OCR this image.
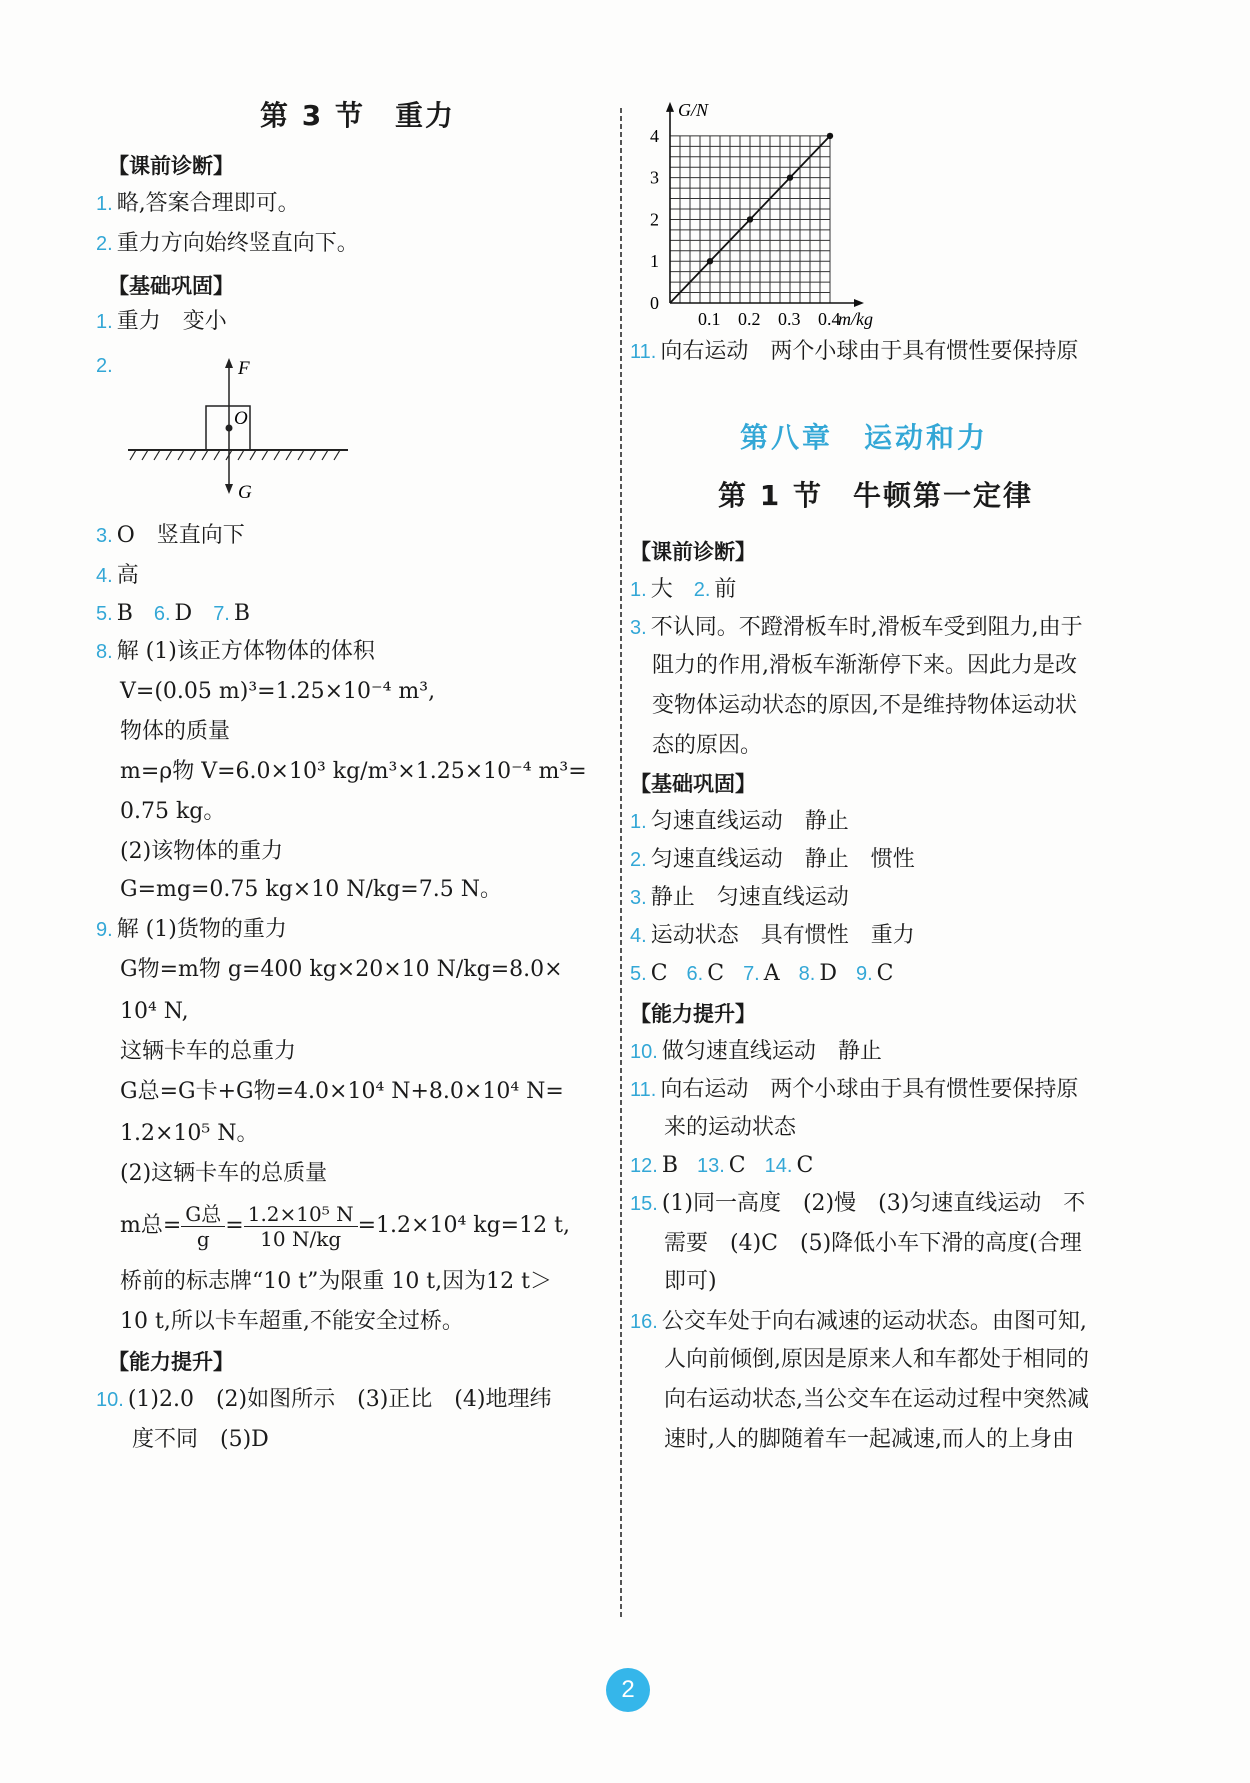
第 3 节　重力
【课前诊断】
1. 略,答案合理即可。
2. 重力方向始终竖直向下。
【基础巩固】
1. 重力　变小
2.	F
O
G
3. O　竖直向下
4. 高
5. B 6. D 7. B
8. 解 (1)该正方体物体的体积
V=(0.05 m)³=1.25×10⁻⁴ m³,
物体的质量
m=ρ物 V=6.0×10³ kg/m³×1.25×10⁻⁴ m³=
0.75 kg。
(2)该物体的重力
G=mg=0.75 kg×10 N/kg=7.5 N。
9. 解 (1)货物的重力
G物=m物 g=400 kg×20×10 N/kg=8.0×
10⁴ N,
这辆卡车的总重力
G总=G卡+G物=4.0×10⁴ N+8.0×10⁴ N=
1.2×10⁵ N。
(2)这辆卡车的总质量
m总= $\frac{\text{G总}}{g} = \frac{\text{1.2×10⁵ N}}{10 N/kg} =1.2\times 10^4$ kg=12 t,
桥前的标志牌“10 t”为限重 10 t,因为12 t＞
10 t,所以卡车超重,不能安全过桥。
【能力提升】
10. (1)2.0　(2)如图所示　(3)正比　(4)地理纬
度不同　(5)D
0.1 0.2 0.3 0.4
1
2
3
4
0
G/N
m/kg
11. 向右运动　两个小球由于具有惯性要保持原
第八章　运动和力
第 1 节　牛顿第一定律
【课前诊断】
1. 大 2. 前
3. 不认同。不蹬滑板车时,滑板车受到阻力,由于
阻力的作用,滑板车渐渐停下来。因此力是改
变物体运动状态的原因,不是维持物体运动状
态的原因。
【基础巩固】
1. 匀速直线运动　静止
2. 匀速直线运动　静止　惯性
3. 静止　匀速直线运动
4. 运动状态　具有惯性　重力
5. C 6. C 7. A 8. D 9. C
【能力提升】
10. 做匀速直线运动　静止
11. 向右运动　两个小球由于具有惯性要保持原
来的运动状态
12. B 13. C 14. C
15. (1)同一高度　(2)慢　(3)匀速直线运动　不
需要　(4)C　(5)降低小车下滑的高度(合理
即可)
16. 公交车处于向右减速的运动状态。由图可知,
人向前倾倒,原因是原来人和车都处于相同的
向右运动状态,当公交车在运动过程中突然减
速时,人的脚随着车一起减速,而人的上身由
2
